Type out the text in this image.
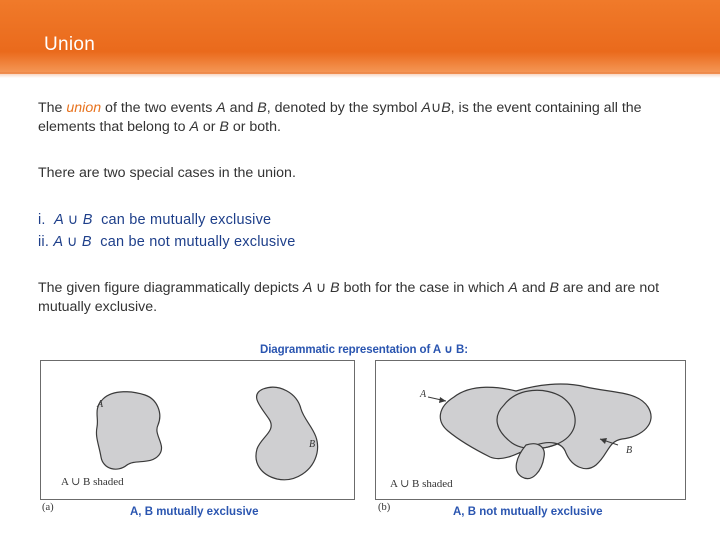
Union
The union of the two events A and B, denoted by the symbol A∪B, is the event containing all the elements that belong to A or B or both.
There are two special cases in the union.
i. A ∪ B can be mutually exclusive
ii. A ∪ B can be not mutually exclusive
The given figure diagrammatically depicts A ∪ B both for the case in which A and B are and are not mutually exclusive.
Diagrammatic representation of A ∪ B:
A
B
A ∪ B shaded
A
B
A ∪ B shaded
(a)	(b)
A, B mutually exclusive	A, B not mutually exclusive
